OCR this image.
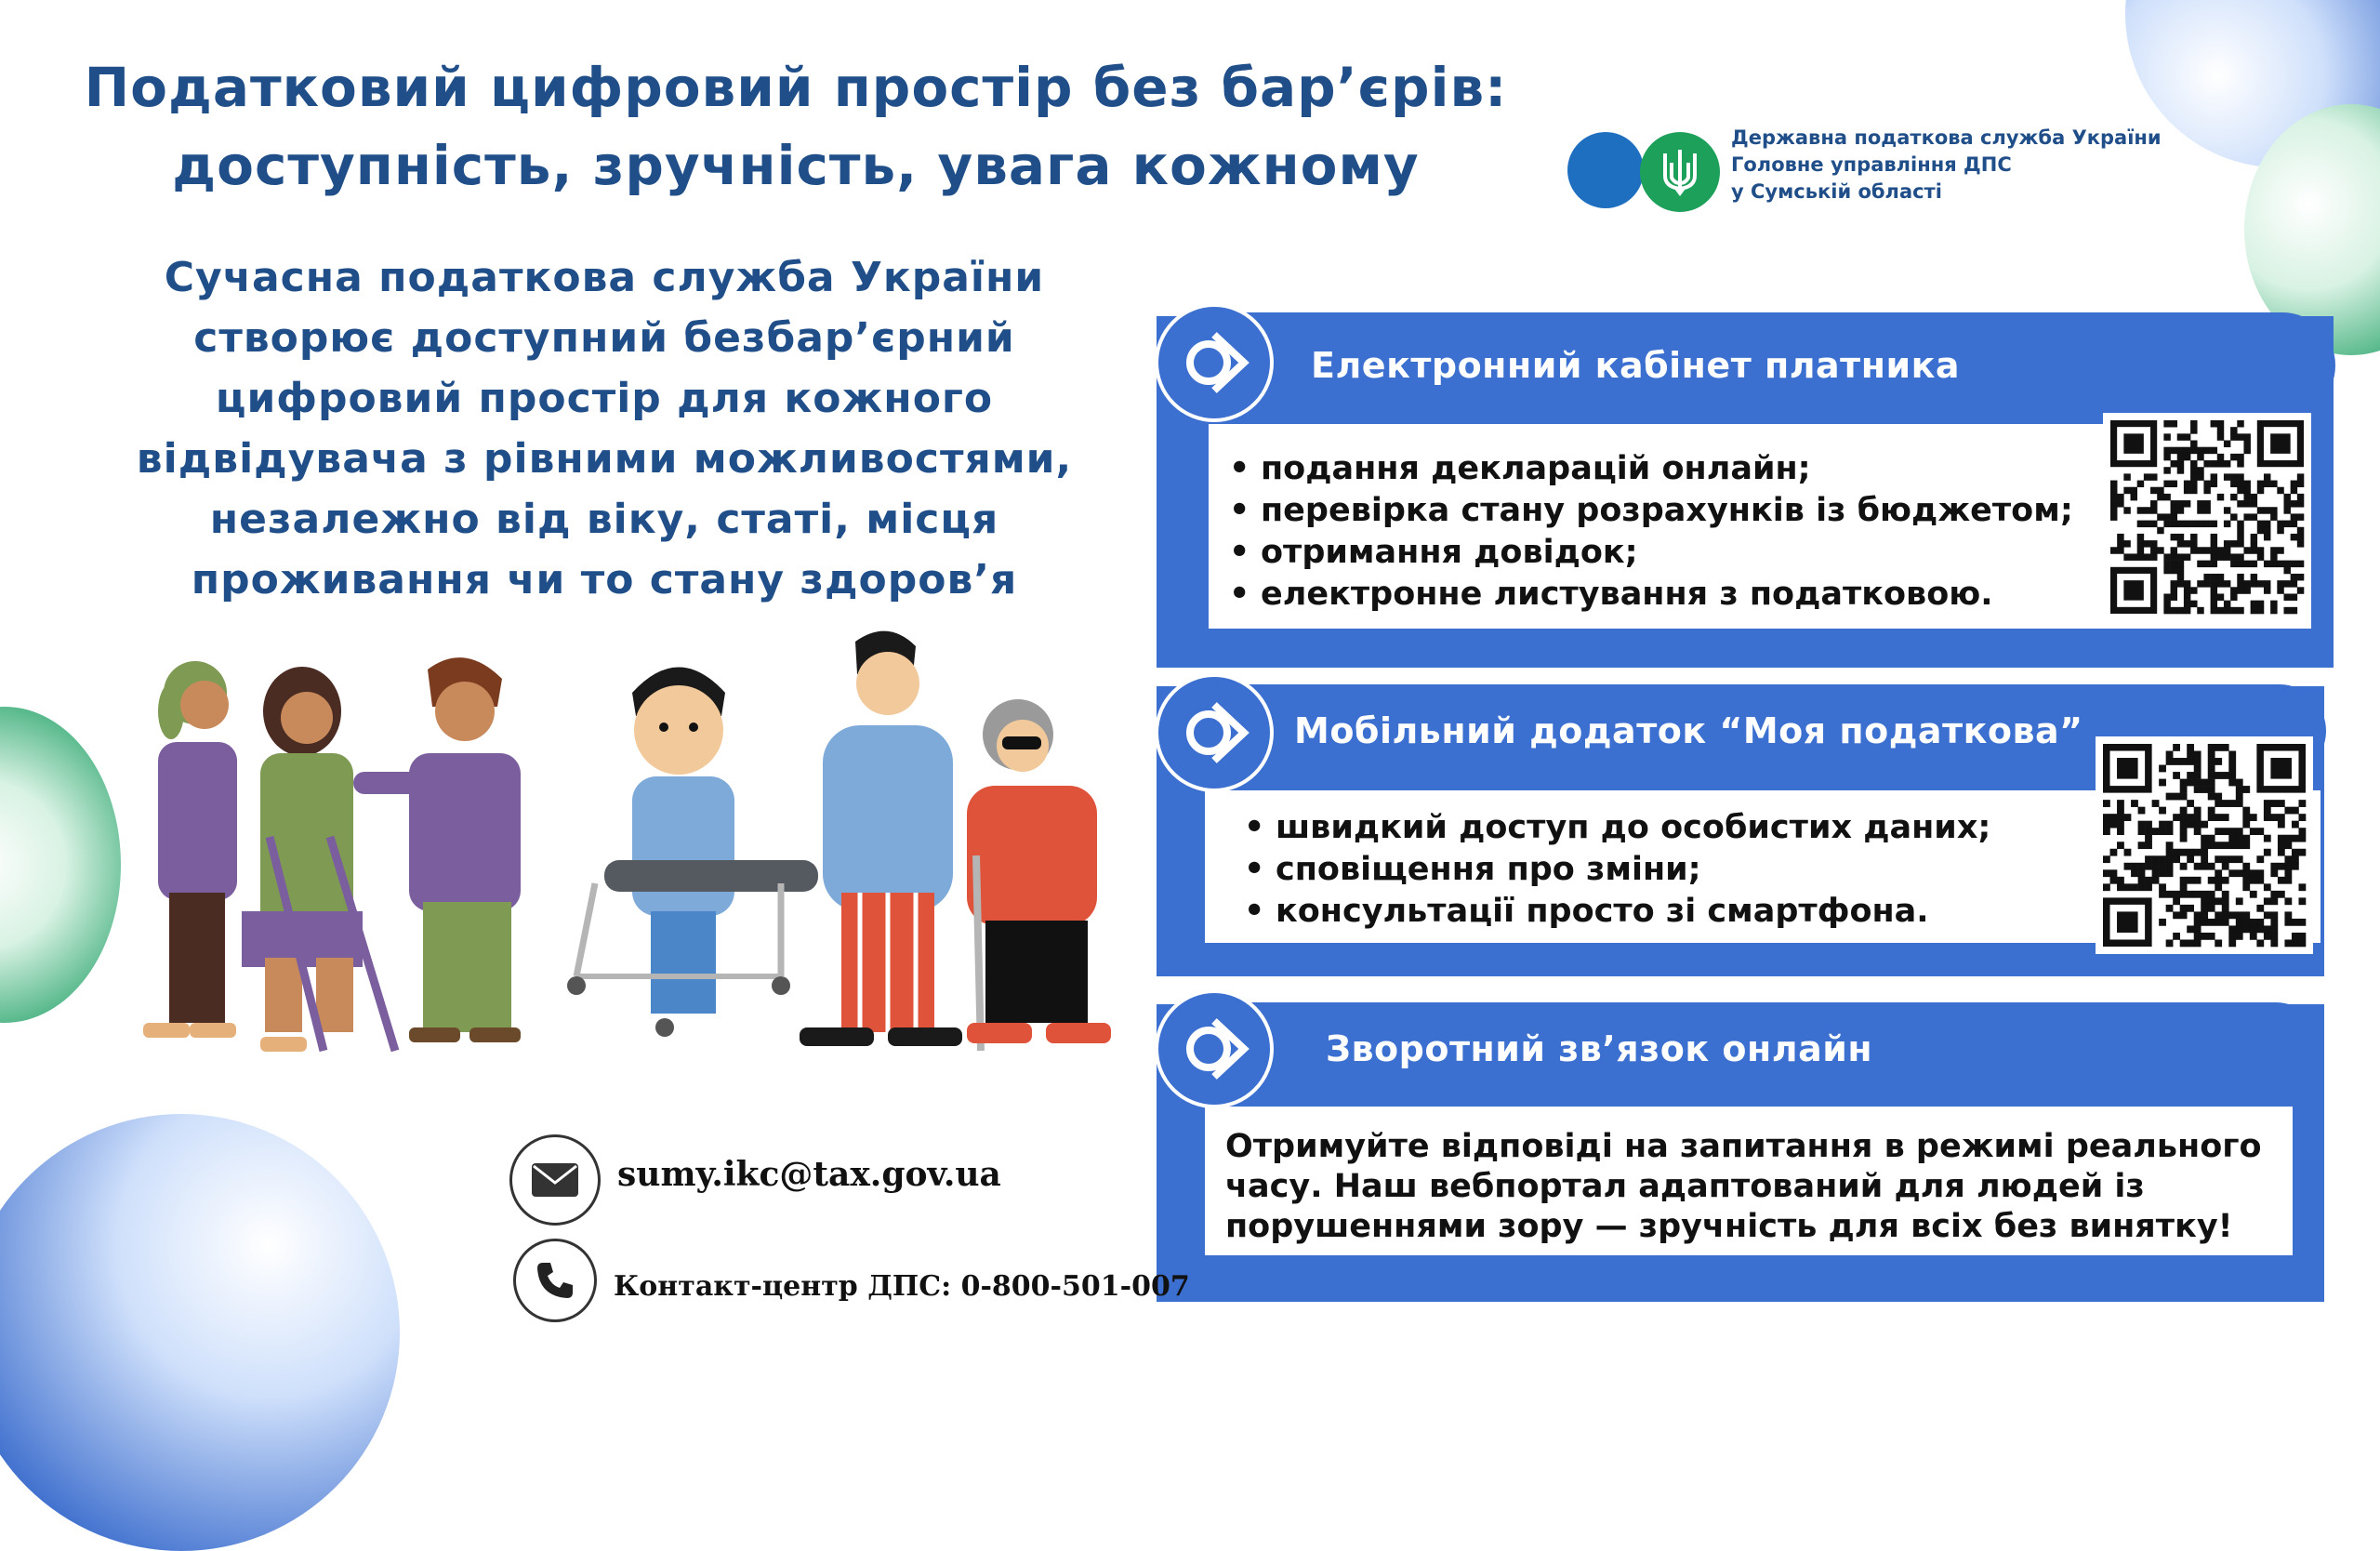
Податковий цифровий простір без бар’єрів:
доступність, зручність, увага кожному	Державна податкова служба України
Головне управління ДПС
у Сумській області
Сучасна податкова служба України
створює доступний безбар’єрний
цифровий простір для кожного
відвідувача з рівними можливостями,
незалежно від віку, статі, місця
проживання чи то стану здоров’я
Електронний кабінет платника
• подання декларацій онлайн;
• перевірка стану розрахунків із бюджетом;
• отримання довідок;
• електронне листування з податковою.
Мобільний додаток “Моя податкова”
• швидкий доступ до особистих даних;
• сповіщення про зміни;
• консультації просто зі смартфона.
Зворотний зв’язок онлайн
Отримуйте відповіді на запитання в режимі реального
часу. Наш вебпортал адаптований для людей із
порушеннями зору — зручність для всіх без винятку!
sumy.ikc@tax.gov.ua
Контакт-центр ДПС: 0-800-501-007
